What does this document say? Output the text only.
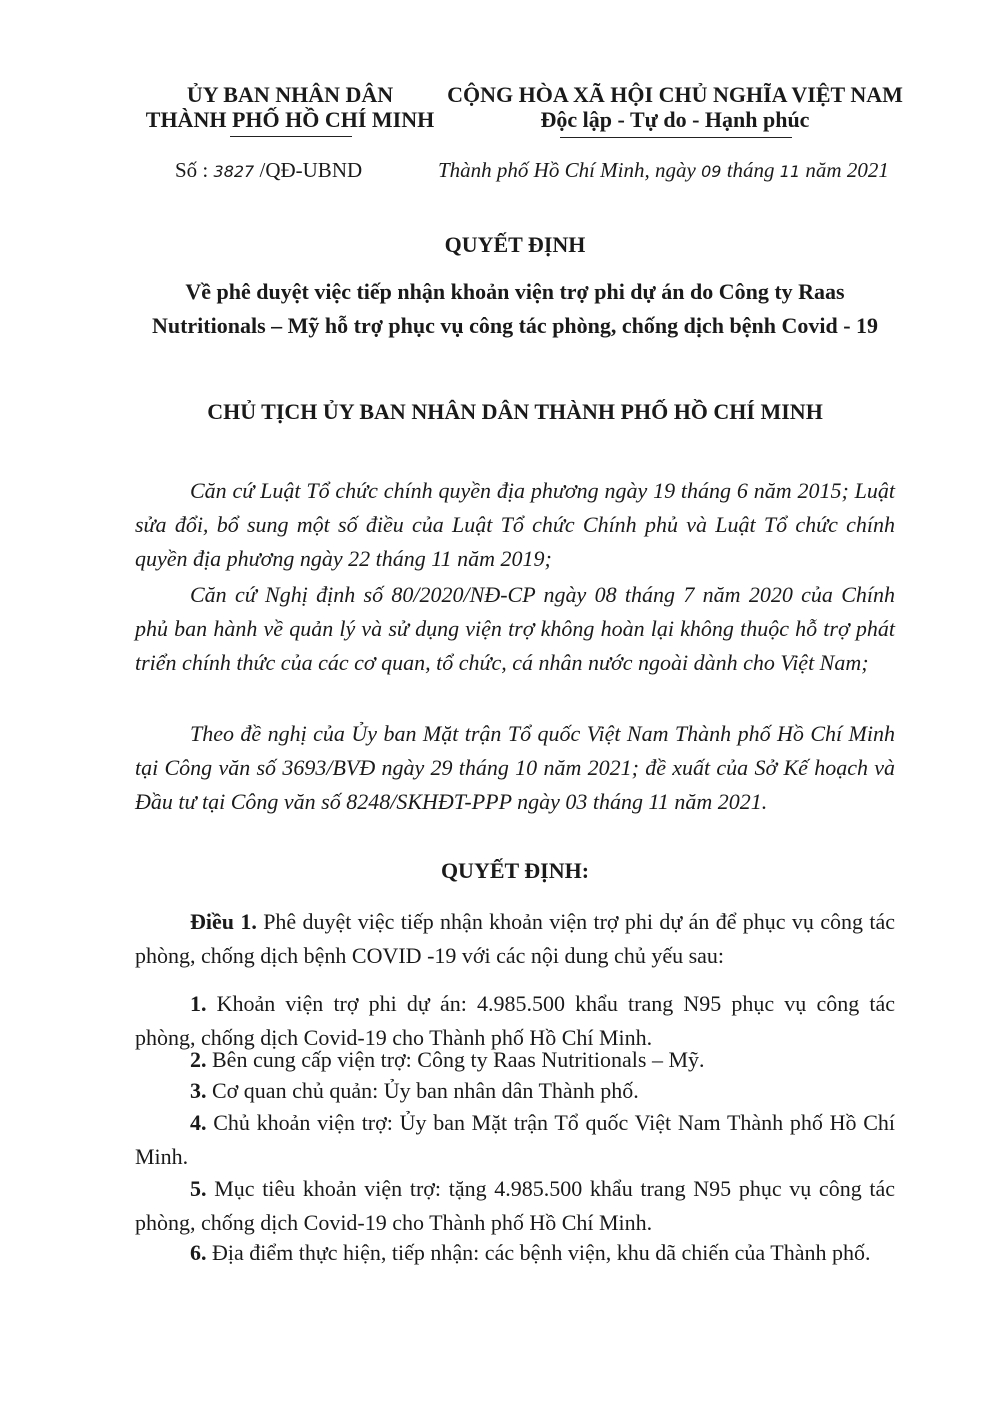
ỦY BAN NHÂN DÂN
THÀNH PHỐ HỒ CHÍ MINH
CỘNG HÒA XÃ HỘI CHỦ NGHĨA VIỆT NAM
Độc lập - Tự do - Hạnh phúc
Số : 3827 /QĐ-UBND	Thành phố Hồ Chí Minh, ngày 09 tháng 11 năm 2021
QUYẾT ĐỊNH
Về phê duyệt việc tiếp nhận khoản viện trợ phi dự án do Công ty Raas
Nutritionals – Mỹ hỗ trợ phục vụ công tác phòng, chống dịch bệnh Covid - 19
CHỦ TỊCH ỦY BAN NHÂN DÂN THÀNH PHỐ HỒ CHÍ MINH
Căn cứ Luật Tổ chức chính quyền địa phương ngày 19 tháng 6 năm 2015; Luật sửa đổi, bổ sung một số điều của Luật Tổ chức Chính phủ và Luật Tổ chức chính quyền địa phương ngày 22 tháng 11 năm 2019;
Căn cứ Nghị định số 80/2020/NĐ-CP ngày 08 tháng 7 năm 2020 của Chính phủ ban hành về quản lý và sử dụng viện trợ không hoàn lại không thuộc hỗ trợ phát triển chính thức của các cơ quan, tổ chức, cá nhân nước ngoài dành cho Việt Nam;
Theo đề nghị của Ủy ban Mặt trận Tổ quốc Việt Nam Thành phố Hồ Chí Minh tại Công văn số 3693/BVĐ ngày 29 tháng 10 năm 2021; đề xuất của Sở Kế hoạch và Đầu tư tại Công văn số 8248/SKHĐT-PPP ngày 03 tháng 11 năm 2021.
QUYẾT ĐỊNH:
Điều 1. Phê duyệt việc tiếp nhận khoản viện trợ phi dự án để phục vụ công tác phòng, chống dịch bệnh COVID -19 với các nội dung chủ yếu sau:
1. Khoản viện trợ phi dự án: 4.985.500 khẩu trang N95 phục vụ công tác phòng, chống dịch Covid-19 cho Thành phố Hồ Chí Minh.
2. Bên cung cấp viện trợ: Công ty Raas Nutritionals – Mỹ.
3. Cơ quan chủ quản: Ủy ban nhân dân Thành phố.
4. Chủ khoản viện trợ: Ủy ban Mặt trận Tổ quốc Việt Nam Thành phố Hồ Chí Minh.
5. Mục tiêu khoản viện trợ: tặng 4.985.500 khẩu trang N95 phục vụ công tác phòng, chống dịch Covid-19 cho Thành phố Hồ Chí Minh.
6. Địa điểm thực hiện, tiếp nhận: các bệnh viện, khu dã chiến của Thành phố.
